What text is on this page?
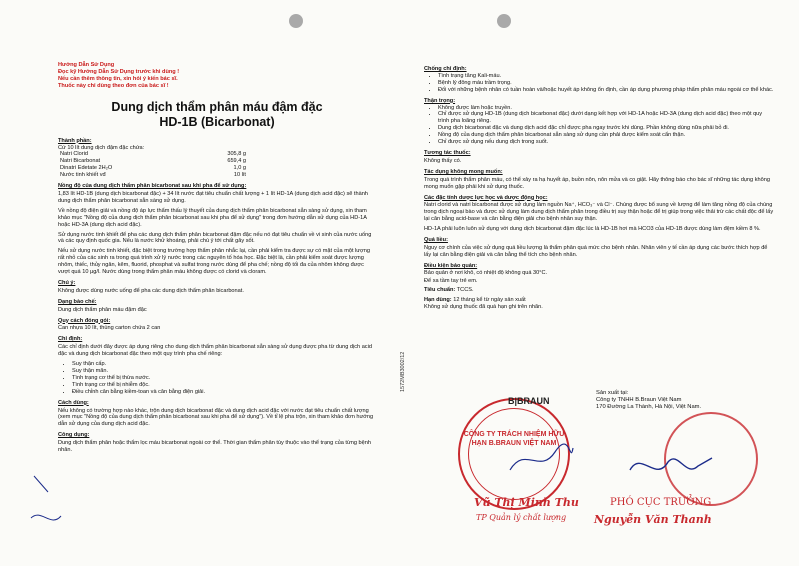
Hướng Dẫn Sử Dụng
Đọc kỹ Hướng Dẫn Sử Dụng trước khi dùng !
Nếu cần thêm thông tin, xin hỏi ý kiến bác sĩ.
Thuốc này chỉ dùng theo đơn của bác sĩ !
Dung dịch thẩm phân máu đậm đặc
HD-1B (Bicarbonat)
Thành phần:
Cứ 10 lít dung dịch đậm đặc chứa:
Natri Clorid	305,8 g
Natri Bicarbonat	659,4 g
Dinatri Edetate 2H₂O	1,0 g
Nước tinh khiết vđ	10 lít
Nồng độ của dung dịch thẩm phân bicarbonat sau khi pha để sử dụng:

1,83 lít HD-1B (dung dịch bicarbonat đặc) + 34 lít nước đạt tiêu chuẩn chất lượng + 1 lít HD-1A (dung dịch acid đặc) sẽ thành dung dịch thẩm phân bicarbonat sẵn sàng sử dụng.

Về nồng độ điện giải và nồng độ áp lực thẩm thấu lý thuyết của dung dịch thẩm phân bicarbonat sẵn sàng sử dụng, xin tham khảo mục "Nồng độ của dung dịch thẩm phân bicarbonat sau khi pha để sử dụng" trong đơn hướng dẫn sử dụng của HD-1A hoặc HD-3A (dung dịch acid đặc).

Sử dụng nước tinh khiết để pha các dung dịch thẩm phân bicarbonat đậm đặc nếu nó đạt tiêu chuẩn về vi sinh của nước uống và các quy định quốc gia. Nếu là nước khử khoáng, phải chú ý tới chất gây sốt.

Nếu sử dụng nước tinh khiết, đặc biệt trong trường hợp thẩm phân nhắc lại, cần phải kiểm tra được sự có mặt của một lượng rất nhỏ của các sinh ra trong quá trình xử lý nước trong các nguyên tố hóa học. Đặc biệt là, cần phải kiểm soát được lượng nhôm, thiếc, thủy ngân, kẽm, fluorid, phosphat và sulfat trong nước dùng để pha chế; nồng độ tối đa của nhôm không được vượt quá 10 µg/l. Nước dùng trong thẩm phân máu không được có clorid và cloram.

Chú ý:

Không được dùng nước uống để pha các dung dịch thẩm phân bicarbonat.

Dạng bào chế:

Dung dịch thẩm phân máu đậm đặc

Quy cách đóng gói:

Can nhựa 10 lít, thùng carton chứa 2 can

Chỉ định:

Các chỉ định dưới đây được áp dụng riêng cho dung dịch thẩm phân bicarbonat sẵn sàng sử dụng được pha từ dung dịch acid đặc và dung dịch bicarbonat đặc theo một quy trình pha chế riêng:

• Suy thận cấp.
• Suy thận mãn.
• Tình trạng cơ thể bị thừa nước.
• Tình trạng cơ thể bị nhiễm độc.
• Điều chỉnh cân bằng kiềm-toan và cân bằng điện giải.
Cách dùng:

Nếu không có trường hợp nào khác, trộn dung dịch bicarbonat đặc và dung dịch acid đặc với nước đạt tiêu chuẩn chất lượng (xem mục "Nồng độ của dung dịch thẩm phân bicarbonat sau khi pha để sử dụng"). Về tỉ lệ pha trộn, xin tham khảo đơn hướng dẫn sử dụng của dung dịch acid đặc.

Công dụng:

Dung dịch thẩm phân hoặc thẩm lọc máu bicarbonat ngoài cơ thể. Thời gian thẩm phân tùy thuộc vào thể trạng của từng bệnh nhân.

Chống chỉ định:
• Tình trạng tăng Kali-máu.
• Bệnh lý đông máu trầm trọng.
• Đối với những bệnh nhân có tuần hoàn và/hoặc huyết áp không ổn định, cần áp dụng phương pháp thẩm phân máu ngoài cơ thể khác.
Thận trọng:
• Không được làm hoặc truyền.
• Chỉ được sử dụng HD-1B (dung dịch bicarbonat đặc) dưới dạng kết hợp với HD-1A hoặc HD-3A (dung dịch acid đặc) theo một quy trình pha loãng riêng.
• Dung dịch bicarbonat đặc và dung dịch acid đặc chỉ được pha ngay trước khi dùng. Phần không dùng nữa phải bỏ đi.
• Nồng độ của dung dịch thẩm phân bicarbonat sẵn sàng sử dụng cần phải được kiểm soát cẩn thận.
• Chỉ được sử dụng nếu dung dịch trong suốt.
Tương tác thuốc:

Không thấy có.

Tác dụng không mong muốn:

Trong quá trình thẩm phân máu, có thể xảy ra hạ huyết áp, buồn nôn, nôn mửa và co giật. Hãy thông báo cho bác sĩ những tác dụng không mong muốn gặp phải khi sử dụng thuốc.

Các đặc tính dược lực học và dược động học:

Natri clorid và natri bicarbonat được sử dụng làm nguồn Na⁺, HCO₃⁻ và Cl⁻. Chúng được bổ sung về lượng để làm tăng nồng độ của chúng trong dịch ngoại bào và được sử dụng làm dung dịch thẩm phân trong điều trị suy thận hoặc để trị giúp trong việc thải trừ các chất độc để lấy lại cân bằng acid-base và cân bằng điện giải cho bệnh nhân suy thận.

HD-1A phải luôn luôn sử dụng với dung dịch bicarbonat đậm đặc lúc là HD-1B hơi mà HCO3 của HD-1B được dùng làm đệm kiềm 8 %.

Quá liều:

Nguy cơ chính của việc sử dụng quá liều lượng là thẩm phân quá mức cho bệnh nhân. Nhân viên y tế cần áp dụng các bước thích hợp để lấy lại cân bằng điện giải và cân bằng thể tích cho bệnh nhân.

Điều kiện bảo quản:
Bảo quản ở nơi khô, có nhiệt độ không quá 30°C.

Để xa tầm tay trẻ em.

Tiêu chuẩn: TCCS.
Hạn dùng: 12 tháng kể từ ngày sản xuất
Không sử dụng thuốc đã quá hạn ghi trên nhãn.
1572MB3002/12
CÔNG TY TRÁCH NHIỆM HỮU HẠN B.BRAUN VIỆT NAM
B|BRAUN
Sản xuất tại:
Công ty TNHH B.Braun Việt Nam
170 Đường La Thành, Hà Nội, Việt Nam.
Vũ Thị Minh Thu
TP Quản lý chất lượng
PHÓ CỤC TRƯỞNG
Nguyễn Văn Thanh
